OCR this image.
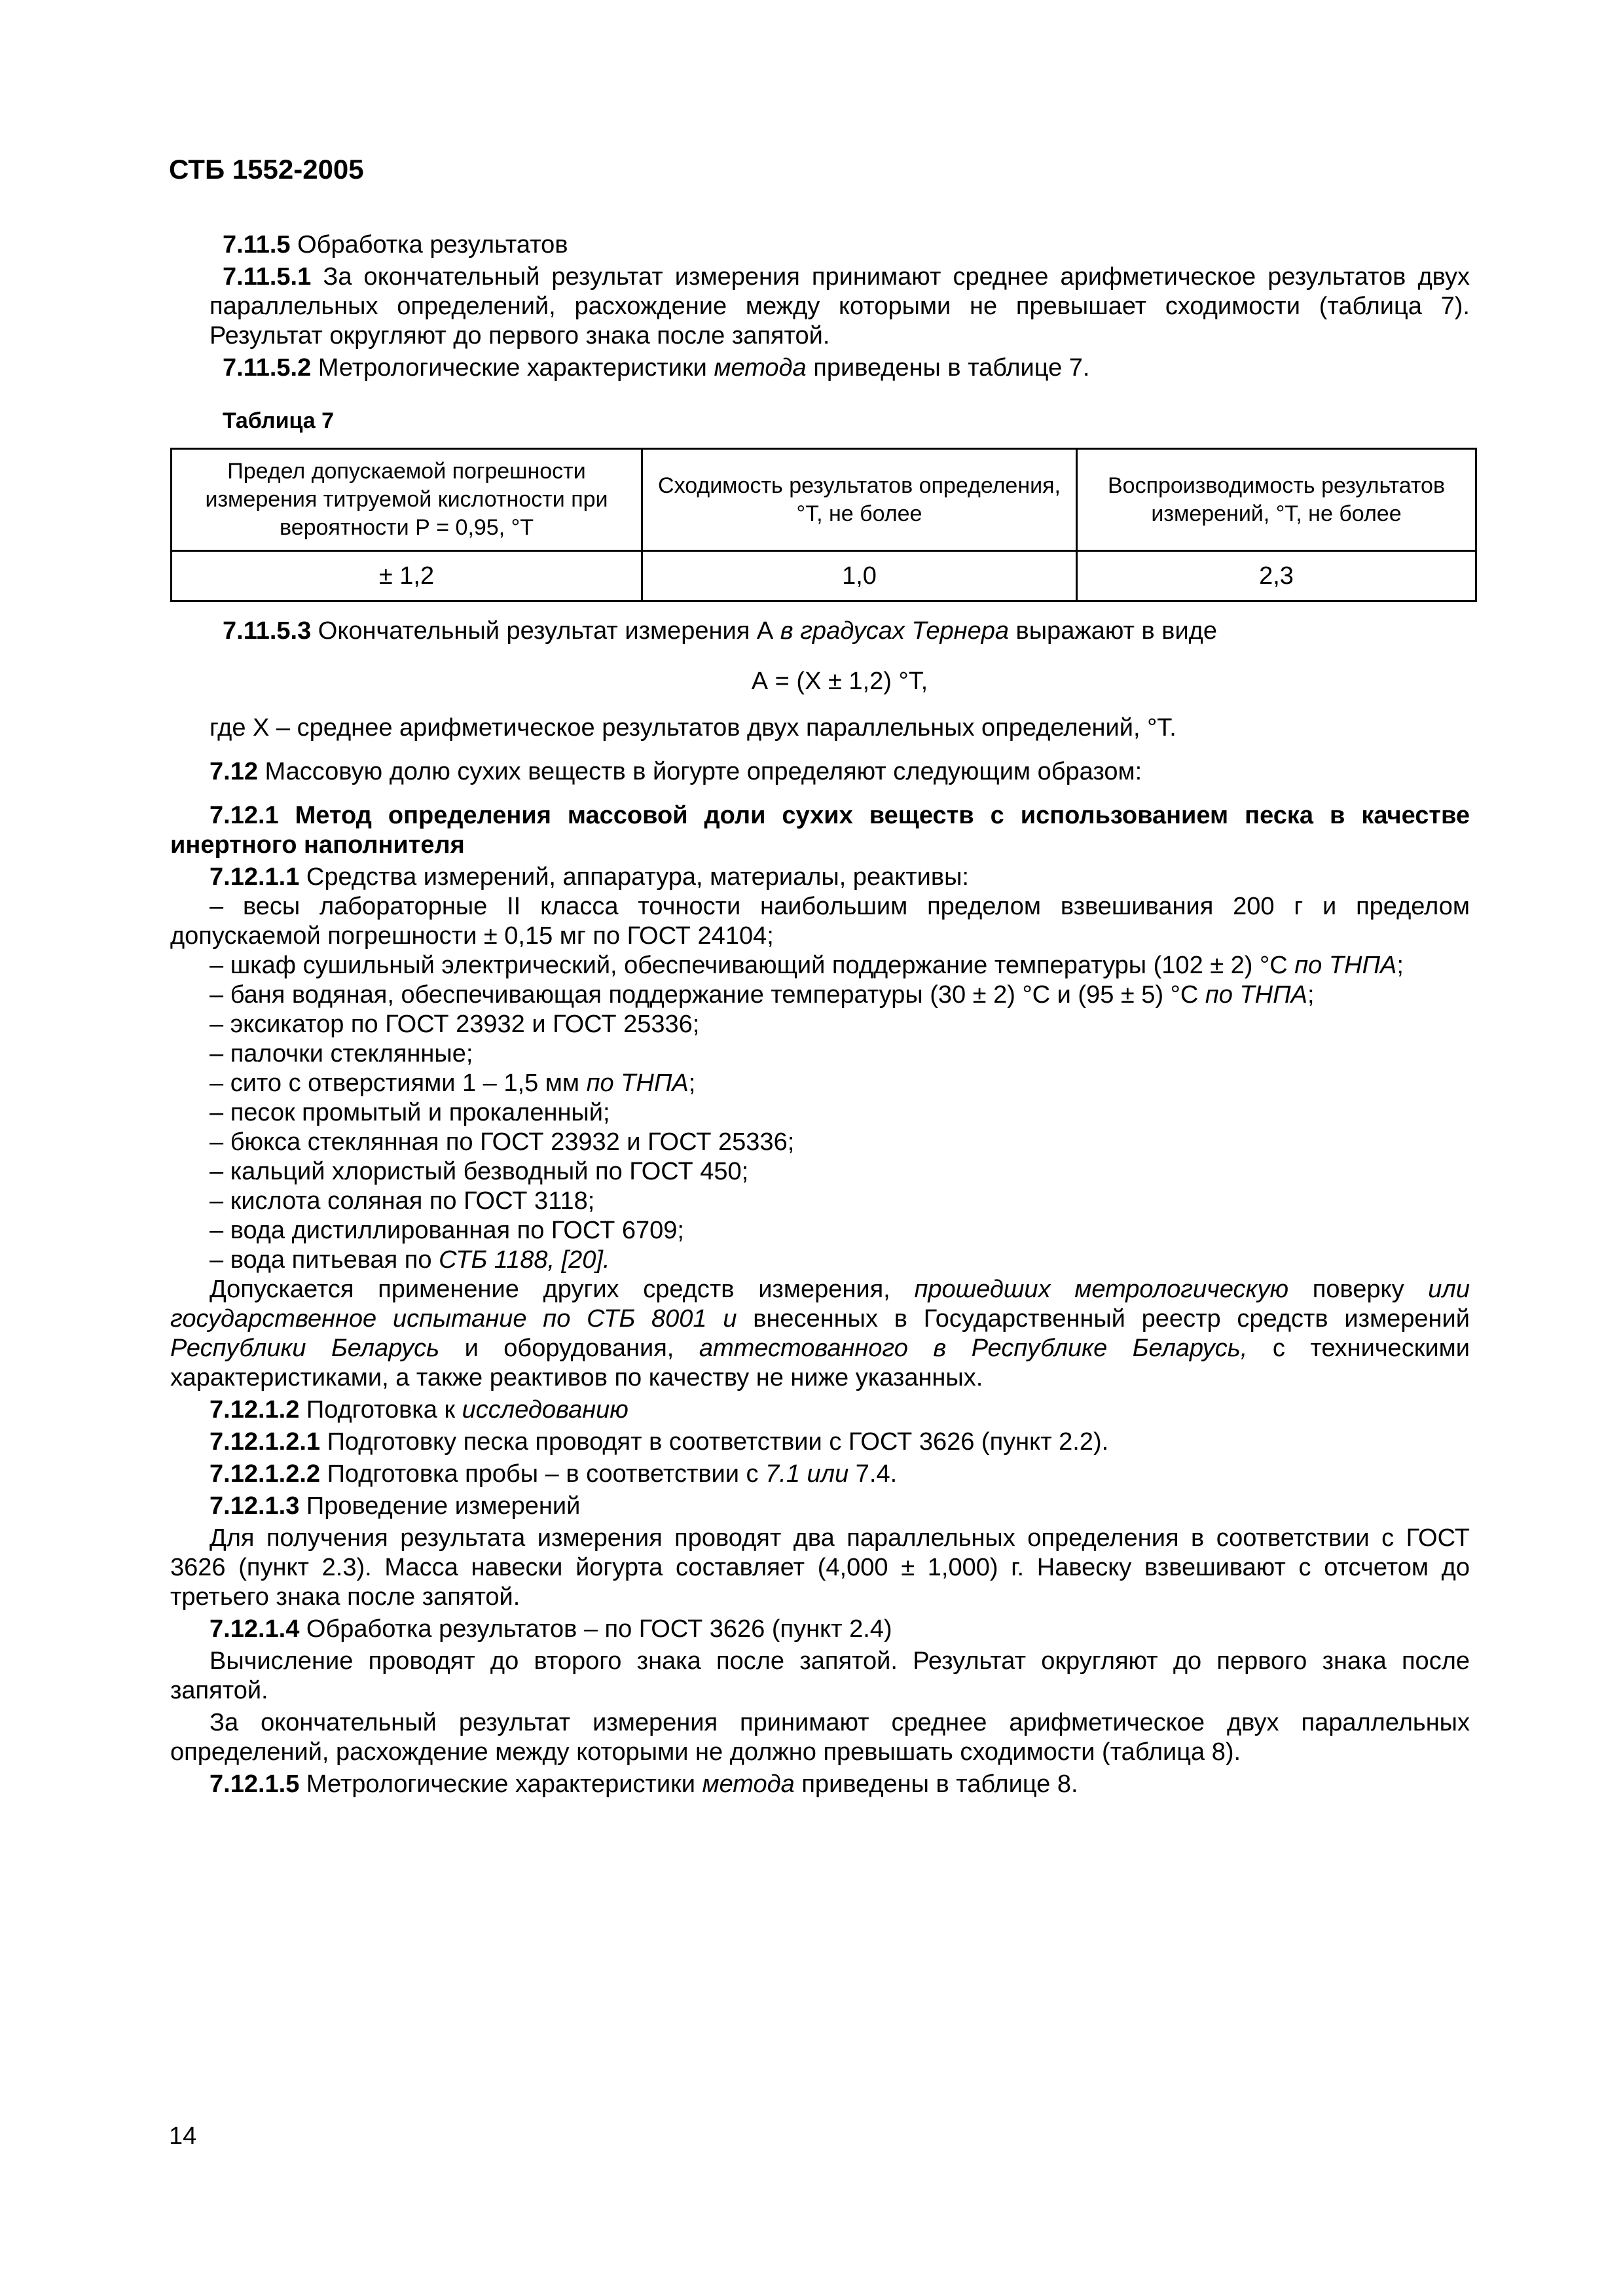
СТБ 1552-2005

7.11.5 Обработка результатов

7.11.5.1 За окончательный результат измерения принимают среднее арифметическое результатов двух параллельных определений, расхождение между которыми не превышает сходимости (таблица 7). Результат округляют до первого знака после запятой.

7.11.5.2 Метрологические характеристики метода приведены в таблице 7.

Таблица 7

Предел допускаемой погрешности измерения титруемой кислотности при вероятности Р = 0,95, °Т	Сходимость результатов определения, °Т, не более	Воспроизводимость результатов измерений, °Т, не более
± 1,2	1,0	2,3

7.11.5.3 Окончательный результат измерения А в градусах Тернера выражают в виде

А = (Х ± 1,2) °Т,

где Х – среднее арифметическое результатов двух параллельных определений, °Т.

7.12 Массовую долю сухих веществ в йогурте определяют следующим образом:

7.12.1 Метод определения массовой доли сухих веществ с использованием песка в качестве инертного наполнителя

7.12.1.1 Средства измерений, аппаратура, материалы, реактивы:

– весы лабораторные II класса точности наибольшим пределом взвешивания 200 г и пределом допускаемой погрешности ± 0,15 мг по ГОСТ 24104;

– шкаф сушильный электрический, обеспечивающий поддержание температуры (102 ± 2) °С по ТНПА;

– баня водяная, обеспечивающая поддержание температуры (30 ± 2) °С и (95 ± 5) °С по ТНПА;

– эксикатор по ГОСТ 23932 и ГОСТ 25336;

– палочки стеклянные;

– сито с отверстиями 1 – 1,5 мм по ТНПА;

– песок промытый и прокаленный;

– бюкса стеклянная по ГОСТ 23932 и ГОСТ 25336;

– кальций хлористый безводный по ГОСТ 450;

– кислота соляная по ГОСТ 3118;

– вода дистиллированная по ГОСТ 6709;

– вода питьевая по СТБ 1188, [20].

Допускается применение других средств измерения, прошедших метрологическую поверку или государственное испытание по СТБ 8001 и внесенных в Государственный реестр средств измерений Республики Беларусь и оборудования, аттестованного в Республике Беларусь, с техническими характеристиками, а также реактивов по качеству не ниже указанных.

7.12.1.2 Подготовка к исследованию

7.12.1.2.1 Подготовку песка проводят в соответствии с ГОСТ 3626 (пункт 2.2).

7.12.1.2.2 Подготовка пробы – в соответствии с 7.1 или 7.4.

7.12.1.3 Проведение измерений

Для получения результата измерения проводят два параллельных определения в соответствии с ГОСТ 3626 (пункт 2.3). Масса навески йогурта составляет (4,000 ± 1,000) г. Навеску взвешивают с отсчетом до третьего знака после запятой.

7.12.1.4 Обработка результатов – по ГОСТ 3626 (пункт 2.4)

Вычисление проводят до второго знака после запятой. Результат округляют до первого знака после запятой.

За окончательный результат измерения принимают среднее арифметическое двух параллельных определений, расхождение между которыми не должно превышать сходимости (таблица 8).

7.12.1.5 Метрологические характеристики метода приведены в таблице 8.

14
